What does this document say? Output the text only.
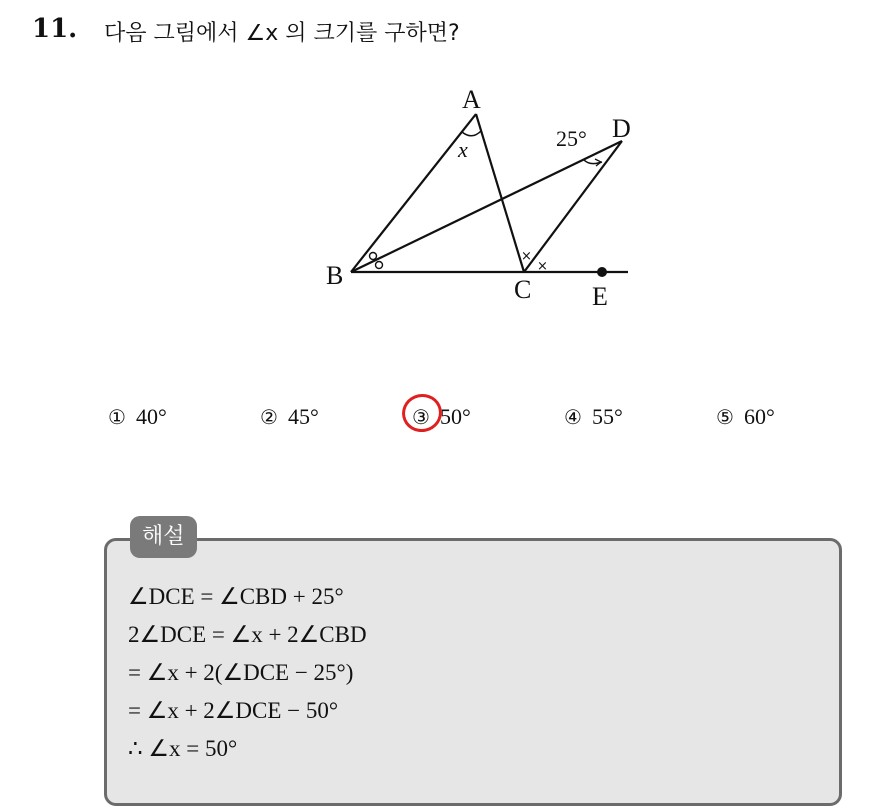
11. 다음 그림에서 ∠x 의 크기를 구하면?
A
B	C
D
E
x	25°
×
×
① 40°	② 45°	③ 50°	④ 55°	⑤ 60°
해설
∠DCE = ∠CBD + 25°
2∠DCE = ∠x + 2∠CBD
= ∠x + 2(∠DCE − 25°)
= ∠x + 2∠DCE − 50°
∴ ∠x = 50°
